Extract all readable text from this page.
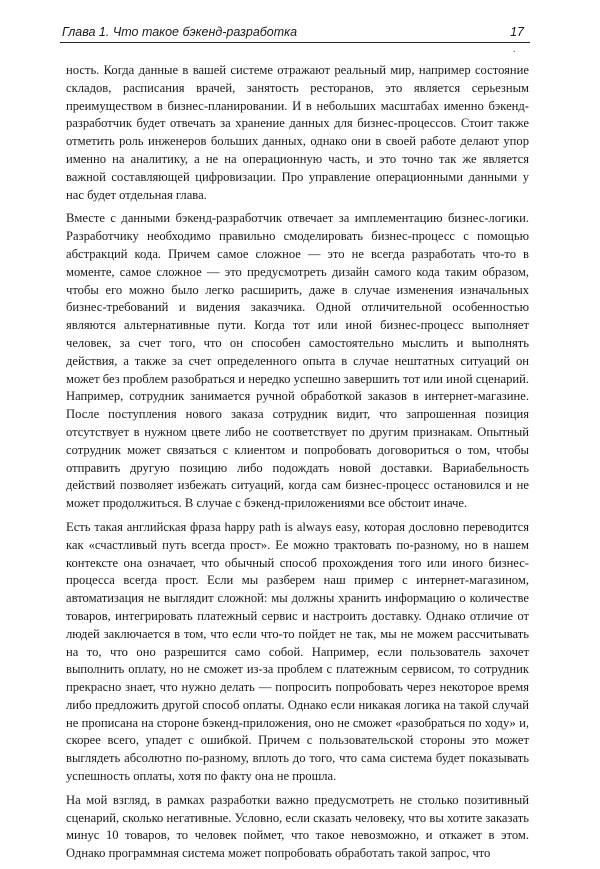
Глава 1. Что такое бэкенд-разработка	17
.

ность. Когда данные в вашей системе отражают реальный мир, например состояние складов, расписания врачей, занятость ресторанов, это является серьезным преимуществом в бизнес-планировании. И в небольших масштабах именно бэкенд-разработчик будет отвечать за хранение данных для бизнес-процессов. Стоит также отметить роль инженеров больших данных, однако они в своей работе делают упор именно на аналитику, а не на операционную часть, и это точно так же является важной составляющей цифровизации. Про управление операционными данными у нас будет отдельная глава.

Вместе с данными бэкенд-разработчик отвечает за имплементацию бизнес-логики. Разработчику необходимо правильно смоделировать бизнес-процесс с помощью абстракций кода. Причем самое сложное — это не всегда разработать что-то в моменте, самое сложное — это предусмотреть дизайн самого кода таким образом, чтобы его можно было легко расширить, даже в случае изменения изначальных бизнес-требований и видения заказчика. Одной отличительной особенностью являются альтернативные пути. Когда тот или иной бизнес-процесс выполняет человек, за счет того, что он способен самостоятельно мыслить и выполнять действия, а также за счет определенного опыта в случае нештатных ситуаций он может без проблем разобраться и нередко успешно завершить тот или иной сценарий. Например, сотрудник занимается ручной обработкой заказов в интернет-магазине. После поступления нового заказа сотрудник видит, что запрошенная позиция отсутствует в нужном цвете либо не соответствует по другим признакам. Опытный сотрудник может связаться с клиентом и попробовать договориться о том, чтобы отправить другую позицию либо подождать новой доставки. Вариабельность действий позволяет избежать ситуаций, когда сам бизнес-процесс остановился и не может продолжиться. В случае с бэкенд-приложениями все обстоит иначе.

Есть такая английская фраза happy path is always easy, которая дословно переводится как «счастливый путь всегда прост». Ее можно трактовать по-разному, но в нашем контексте она означает, что обычный способ прохождения того или иного бизнес-процесса всегда прост. Если мы разберем наш пример с интернет-магазином, автоматизация не выглядит сложной: мы должны хранить информацию о количестве товаров, интегрировать платежный сервис и настроить доставку. Однако отличие от людей заключается в том, что если что-то пойдет не так, мы не можем рассчитывать на то, что оно разрешится само собой. Например, если пользователь захочет выполнить оплату, но не сможет из-за проблем с платежным сервисом, то сотрудник прекрасно знает, что нужно делать — попросить попробовать через некоторое время либо предложить другой способ оплаты. Однако если никакая логика на такой случай не прописана на стороне бэкенд-приложения, оно не сможет «разобраться по ходу» и, скорее всего, упадет с ошибкой. Причем с пользовательской стороны это может выглядеть абсолютно по-разному, вплоть до того, что сама система будет показывать успешность оплаты, хотя по факту она не прошла.

На мой взгляд, в рамках разработки важно предусмотреть не столько позитивный сценарий, сколько негативные. Условно, если сказать человеку, что вы хотите заказать минус 10 товаров, то человек поймет, что такое невозможно, и откажет в этом. Однако программная система может попробовать обработать такой запрос, что
